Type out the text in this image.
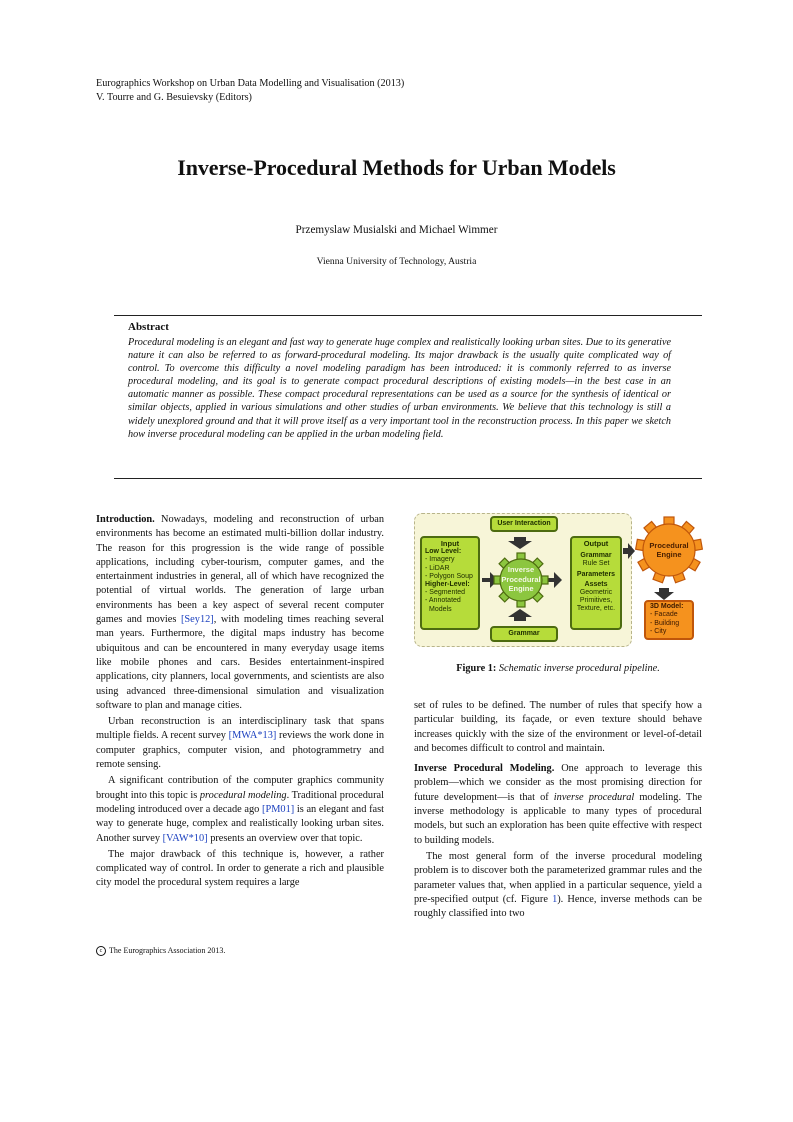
Eurographics Workshop on Urban Data Modelling and Visualisation (2013)
V. Tourre and G. Besuievsky (Editors)
Inverse-Procedural Methods for Urban Models
Przemyslaw Musialski and Michael Wimmer
Vienna University of Technology, Austria
Abstract
Procedural modeling is an elegant and fast way to generate huge complex and realistically looking urban sites. Due to its generative nature it can also be referred to as forward-procedural modeling. Its major drawback is the usually quite complicated way of control. To overcome this difficulty a novel modeling paradigm has been introduced: it is commonly referred to as inverse procedural modeling, and its goal is to generate compact procedural descriptions of existing models—in the best case in an automatic manner as possible. These compact procedural representations can be used as a source for the synthesis of identical or similar objects, applied in various simulations and other studies of urban environments. We believe that this technology is still a widely unexplored ground and that it will prove itself as a very important tool in the reconstruction process. In this paper we sketch how inverse procedural modeling can be applied in the urban modeling field.

Introduction. Nowadays, modeling and reconstruction of urban environments has become an estimated multi-billion dollar industry. The reason for this progression is the wide range of possible applications, including cyber-tourism, computer games, and the entertainment industries in general, all of which have recognized the potential of virtual worlds. The generation of large urban environments has been a key aspect of several recent computer games and movies [Sey12], with modeling times reaching several man years. Furthermore, the digital maps industry has become ubiquitous and can be encountered in many everyday usage items like mobile phones and cars. Besides entertainment-inspired applications, city planners, local governments, and scientists are also using advanced three-dimensional simulation and visualization software to plan and manage cities.

Urban reconstruction is an interdisciplinary task that spans multiple fields. A recent survey [MWA*13] reviews the work done in computer graphics, computer vision, and photogrammetry and remote sensing.

A significant contribution of the computer graphics community brought into this topic is procedural modeling. Traditional procedural modeling introduced over a decade ago [PM01] is an elegant and fast way to generate huge, complex and realistically looking urban sites. Another survey [VAW*10] presents an overview over that topic.

The major drawback of this technique is, however, a rather complicated way of control. In order to generate a rich and plausible city model the procedural system requires a large

User Interaction
Input
Low Level:
- Imagery
- LiDAR
- Polygon Soup
Higher-Level:
- Segmented
- Annotated
Models
Inverse
Procedural
Engine
Output
Grammar
Rule Set
Parameters
Assets
Geometric
Primitives,
Texture, etc.
Grammar
Procedural
Engine
3D Model:
- Facade
- Building
- City
Figure 1: Schematic inverse procedural pipeline.

set of rules to be defined. The number of rules that specify how a particular building, its façade, or even texture should behave increases quickly with the size of the environment or level-of-detail and becomes difficult to control and maintain.

Inverse Procedural Modeling. One approach to leverage this problem—which we consider as the most promising direction for future development—is that of inverse procedural modeling. The inverse methodology is applicable to many types of procedural models, but such an exploration has been quite effective with respect to building models.

The most general form of the inverse procedural modeling problem is to discover both the parameterized grammar rules and the parameter values that, when applied in a particular sequence, yield a pre-specified output (cf. Figure 1). Hence, inverse methods can be roughly classified into two

c The Eurographics Association 2013.
